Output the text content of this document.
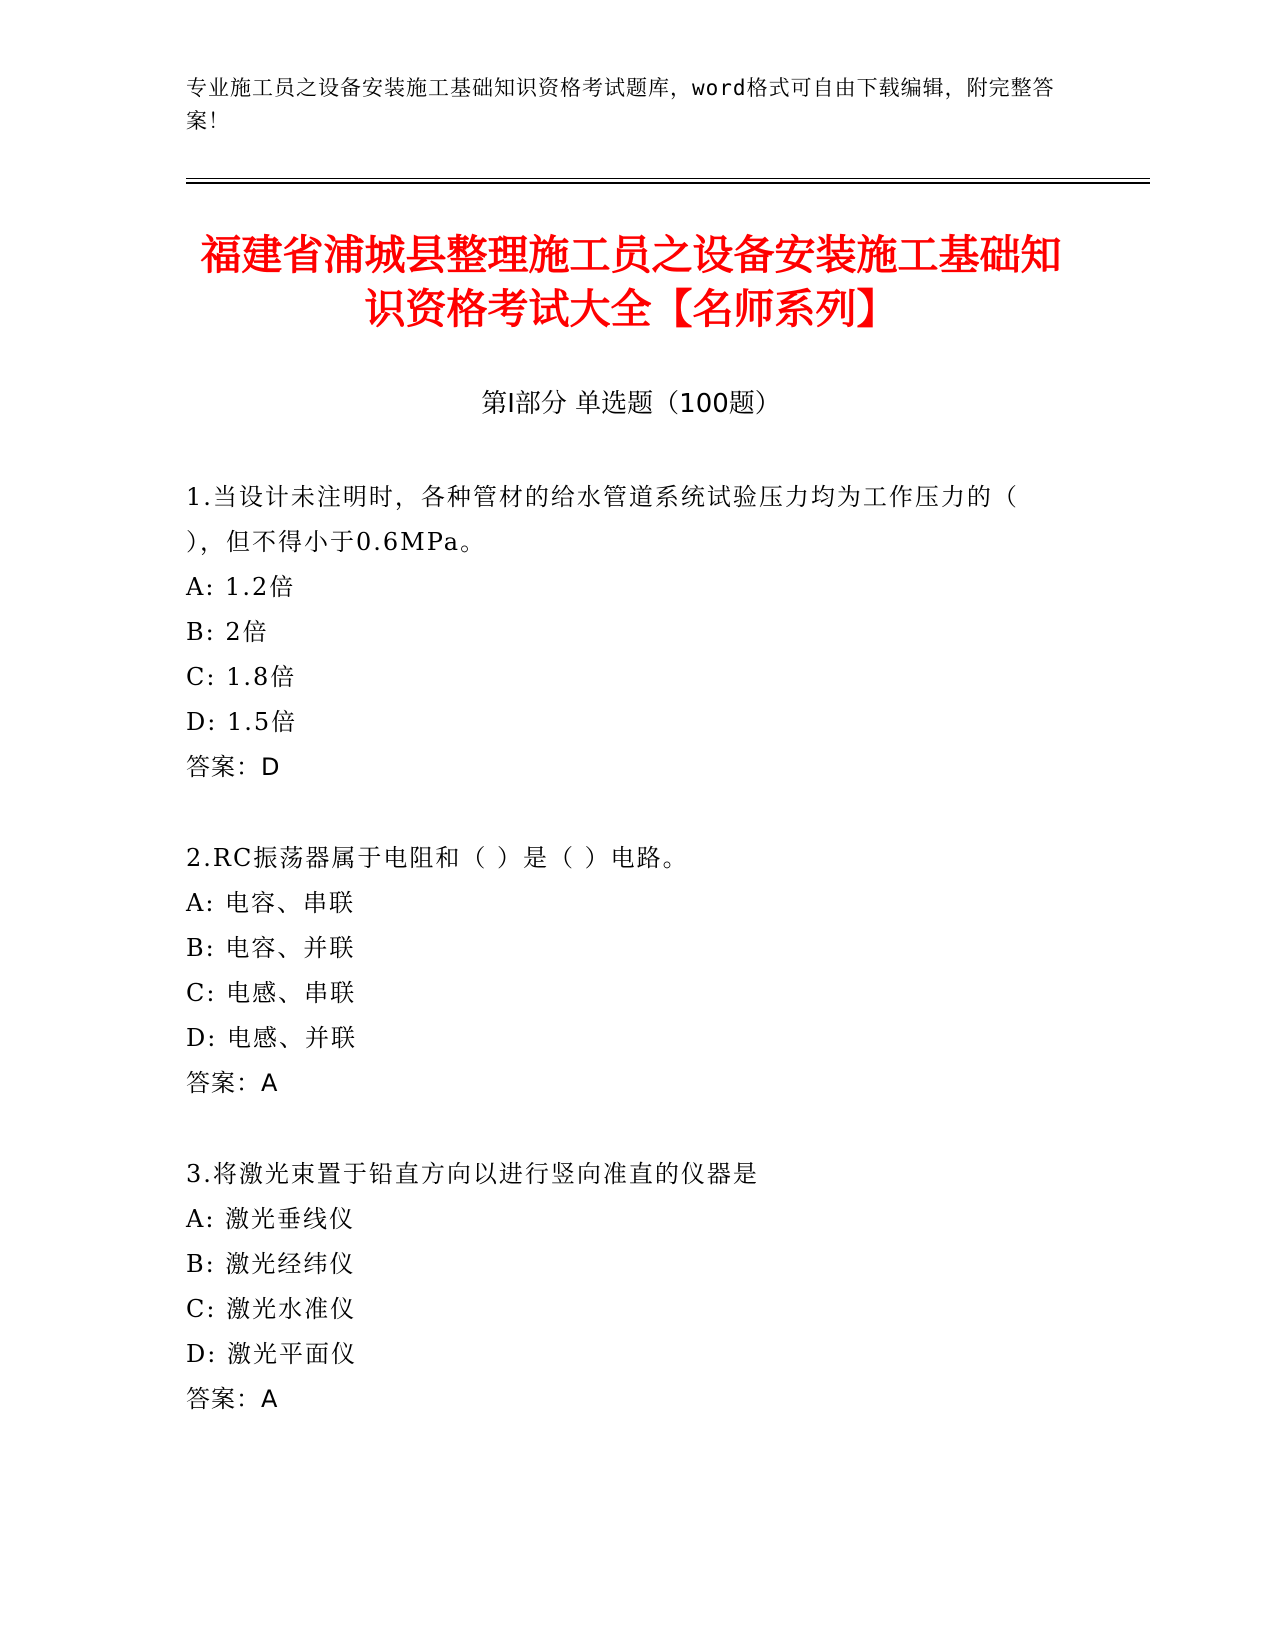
专业施工员之设备安装施工基础知识资格考试题库，word格式可自由下载编辑，附完整答案！
福建省浦城县整理施工员之设备安装施工基础知识资格考试大全【名师系列】
第Ⅰ部分 单选题（100题）
1.当设计未注明时，各种管材的给水管道系统试验压力均为工作压力的（ ），但不得小于0.6MPa。
A: 1.2倍
B: 2倍
C: 1.8倍
D: 1.5倍
答案：D
2.RC振荡器属于电阻和（ ）是（ ）电路。
A: 电容、串联
B: 电容、并联
C: 电感、串联
D: 电感、并联
答案：A
3.将激光束置于铅直方向以进行竖向准直的仪器是
A: 激光垂线仪
B: 激光经纬仪
C: 激光水准仪
D: 激光平面仪
答案：A
